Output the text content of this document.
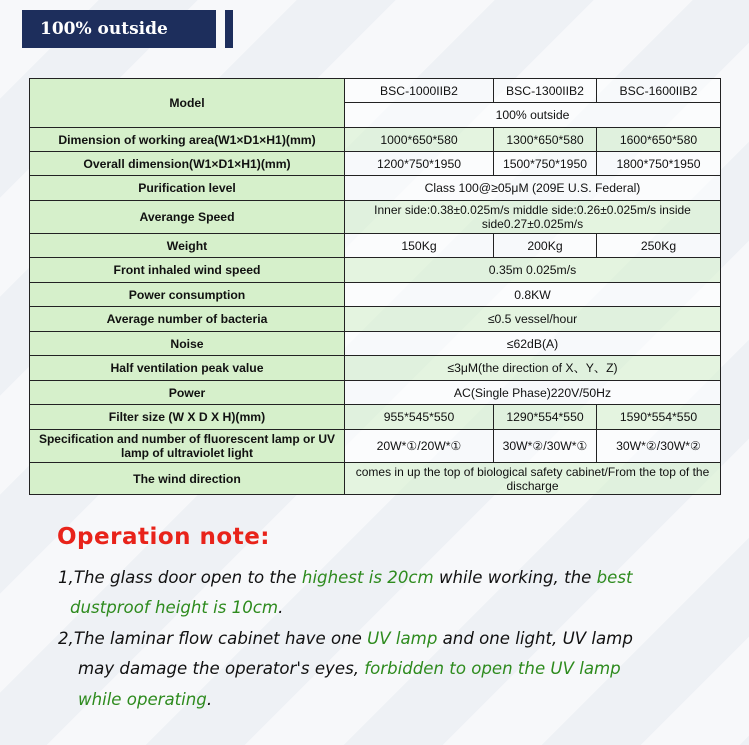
100% outside
Model	BSC-1000IIB2	BSC-1300IIB2	BSC-1600IIB2
	100% outside		
Dimension of working area(W1×D1×H1)(mm)	1000*650*580	1300*650*580	1600*650*580
Overall dimension(W1×D1×H1)(mm)	1200*750*1950	1500*750*1950	1800*750*1950
Purification level	Class 100@≥05μM (209E U.S. Federal)		
Averange Speed	Inner side:0.38±0.025m/s middle side:0.26±0.025m/s inside side0.27±0.025m/s		
Weight	150Kg	200Kg	250Kg
Front inhaled wind speed	0.35m 0.025m/s		
Power consumption	0.8KW		
Average number of bacteria	≤0.5 vessel/hour		
Noise	≤62dB(A)		
Half ventilation peak value	≤3μM(the direction of X、Y、Z)		
Power	AC(Single Phase)220V/50Hz		
Filter size (W X D X H)(mm)	955*545*550	1290*554*550	1590*554*550
Specification and number of fluorescent lamp or UV lamp of ultraviolet light	20W*①/20W*①	30W*②/30W*①	30W*②/30W*②
The wind direction	comes in up the top of biological safety cabinet/From the top of the discharge		
Operation note:
1,The glass door open to the highest is 20cm while working, the best
dustproof height is 10cm.
2,The laminar flow cabinet have one UV lamp and one light, UV lamp
may damage the operator's eyes, forbidden to open the UV lamp
while operating.
